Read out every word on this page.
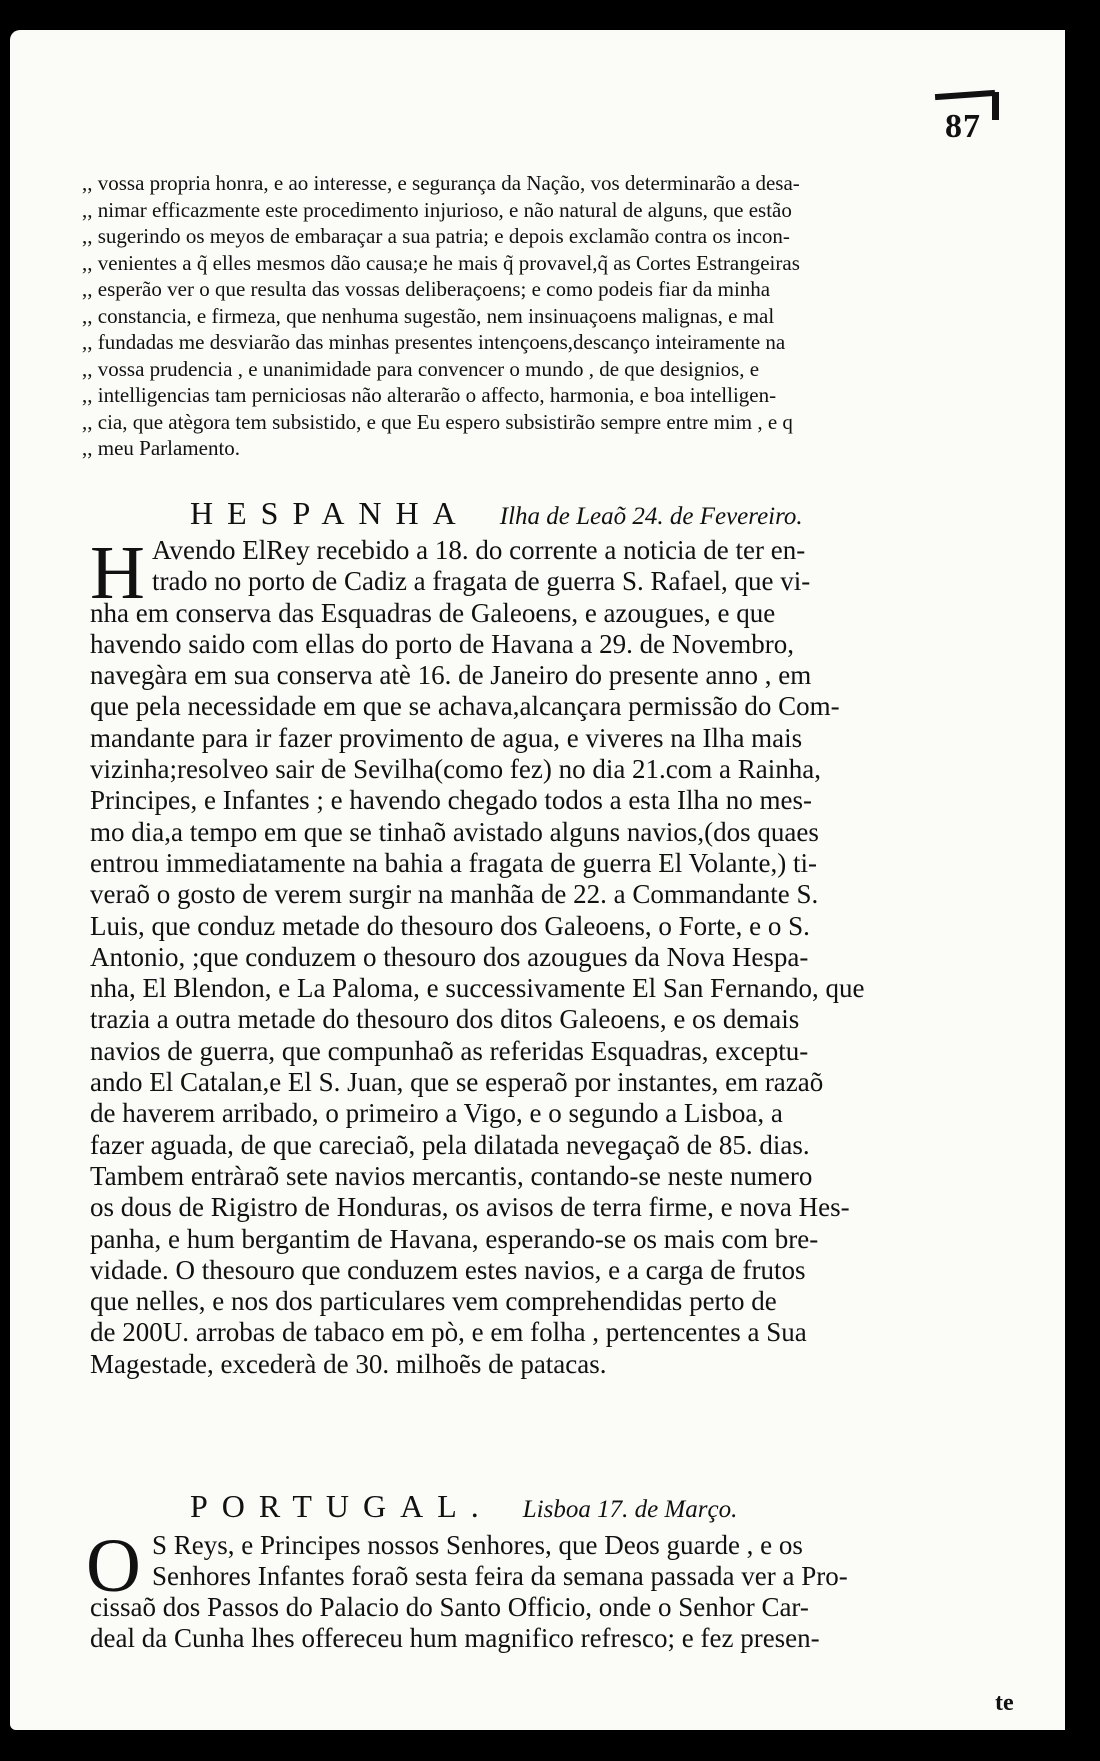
87
,, vossa propria honra, e ao interesse, e segurança da Nação, vos determinarão a desa-
,, nimar efficazmente este procedimento injurioso, e não natural de alguns, que estão
,, sugerindo os meyos de embaraçar a sua patria; e depois exclamão contra os incon-
,, venientes a q̃ elles mesmos dão causa;e he mais q̃ provavel,q̃ as Cortes Estrangeiras
,, esperão ver o que resulta das vossas deliberaçoens; e como podeis fiar da minha
,, constancia, e firmeza, que nenhuma sugestão, nem insinuaçoens malignas, e mal
,, fundadas me desviarão das minhas presentes intençoens,descanço inteiramente na
,, vossa prudencia , e unanimidade para convencer o mundo , de que designios, e
,, intelligencias tam perniciosas não alterarão o affecto, harmonia, e boa intelligen-
,, cia, que atègora tem subsistido, e que Eu espero subsistirão sempre entre mim , e q
,, meu Parlamento.
HESPANHA Ilha de Leaõ 24. de Fevereiro.
H Avendo ElRey recebido a 18. do corrente a noticia de ter en-
trado no porto de Cadiz a fragata de guerra S. Rafael, que vi-
nha em conserva das Esquadras de Galeoens, e azougues, e que
havendo saido com ellas do porto de Havana a 29. de Novembro,
navegàra em sua conserva atè 16. de Janeiro do presente anno , em
que pela necessidade em que se achava,alcançara permissão do Com-
mandante para ir fazer provimento de agua, e viveres na Ilha mais
vizinha;resolveo sair de Sevilha(como fez) no dia 21.com a Rainha,
Principes, e Infantes ; e havendo chegado todos a esta Ilha no mes-
mo dia,a tempo em que se tinhaõ avistado alguns navios,(dos quaes
entrou immediatamente na bahia a fragata de guerra El Volante,) ti-
veraõ o gosto de verem surgir na manhãa de 22. a Commandante S.
Luis, que conduz metade do thesouro dos Galeoens, o Forte, e o S.
Antonio, ;que conduzem o thesouro dos azougues da Nova Hespa-
nha, El Blendon, e La Paloma, e successivamente El San Fernando, que
trazia a outra metade do thesouro dos ditos Galeoens, e os demais
navios de guerra, que compunhaõ as referidas Esquadras, exceptu-
ando El Catalan,e El S. Juan, que se esperaõ por instantes, em razaõ
de haverem arribado, o primeiro a Vigo, e o segundo a Lisboa, a
fazer aguada, de que careciaõ, pela dilatada nevegaçaõ de 85. dias.
Tambem entràraõ sete navios mercantis, contando-se neste numero
os dous de Rigistro de Honduras, os avisos de terra firme, e nova Hes-
panha, e hum bergantim de Havana, esperando-se os mais com bre-
vidade. O thesouro que conduzem estes navios, e a carga de frutos
que nelles, e nos dos particulares vem comprehendidas perto de
de 200U. arrobas de tabaco em pò, e em folha , pertencentes a Sua
Magestade, excederà de 30. milhoẽs de patacas.
PORTUGAL. Lisboa 17. de Março.
O S Reys, e Principes nossos Senhores, que Deos guarde , e os
Senhores Infantes foraõ sesta feira da semana passada ver a Pro-
cissaõ dos Passos do Palacio do Santo Officio, onde o Senhor Car-
deal da Cunha lhes offereceu hum magnifico refresco; e fez presen-
te
